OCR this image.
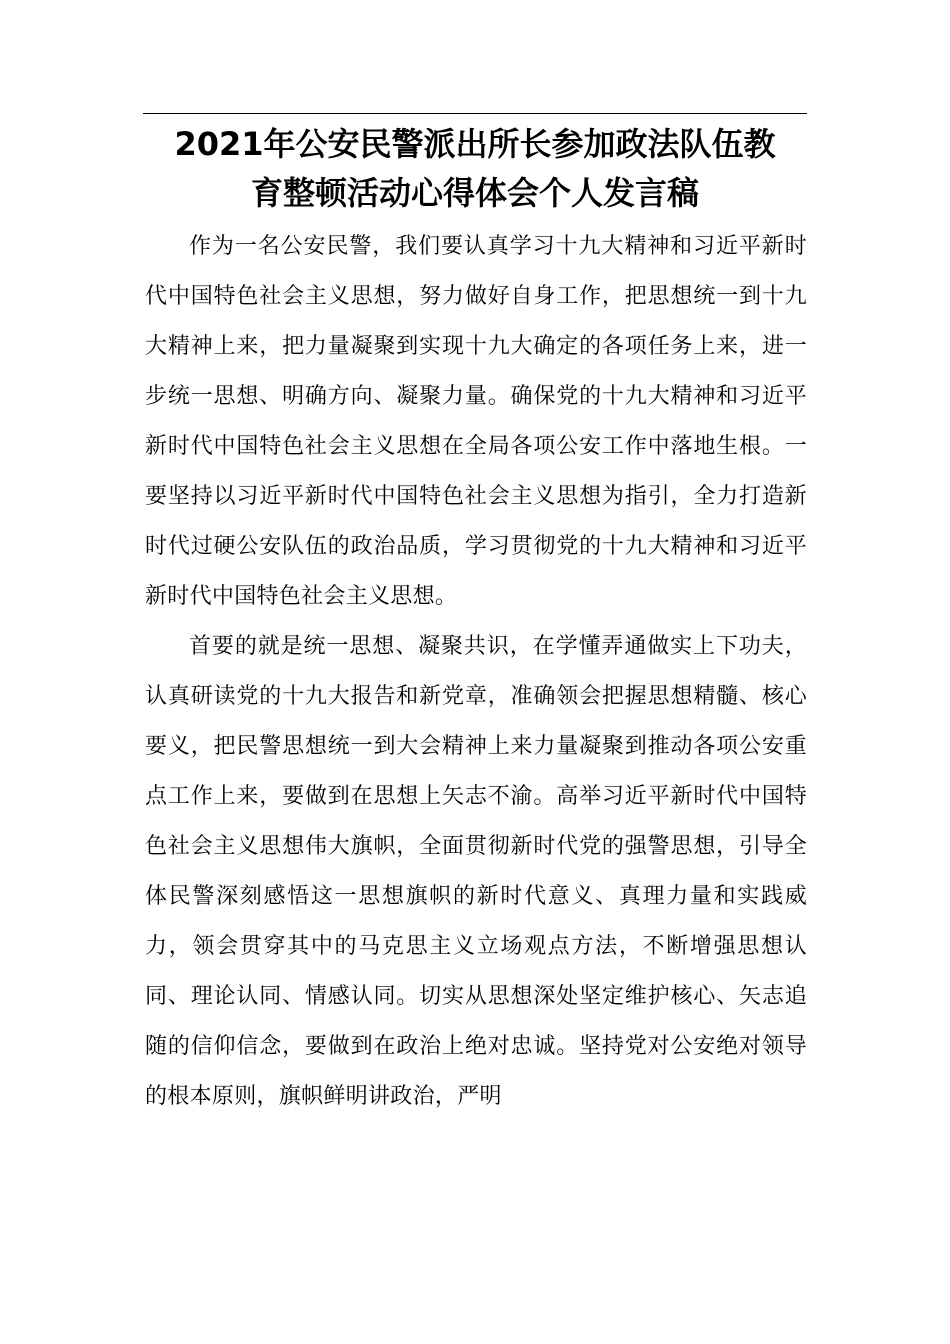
2021年公安民警派出所长参加政法队伍教
育整顿活动心得体会个人发言稿

作为一名公安民警，我们要认真学习十九大精神和习近平新时代中国特色社会主义思想，努力做好自身工作，把思想统一到十九大精神上来，把力量凝聚到实现十九大确定的各项任务上来，进一步统一思想、明确方向、凝聚力量。确保党的十九大精神和习近平新时代中国特色社会主义思想在全局各项公安工作中落地生根。一要坚持以习近平新时代中国特色社会主义思想为指引，全力打造新时代过硬公安队伍的政治品质，学习贯彻党的十九大精神和习近平新时代中国特色社会主义思想。

首要的就是统一思想、凝聚共识，在学懂弄通做实上下功夫，认真研读党的十九大报告和新党章，准确领会把握思想精髓、核心要义，把民警思想统一到大会精神上来力量凝聚到推动各项公安重点工作上来，要做到在思想上矢志不渝。高举习近平新时代中国特色社会主义思想伟大旗帜，全面贯彻新时代党的强警思想，引导全体民警深刻感悟这一思想旗帜的新时代意义、真理力量和实践威力，领会贯穿其中的马克思主义立场观点方法，不断增强思想认同、理论认同、情感认同。切实从思想深处坚定维护核心、矢志追随的信仰信念，要做到在政治上绝对忠诚。坚持党对公安绝对领导的根本原则，旗帜鲜明讲政治，严明
